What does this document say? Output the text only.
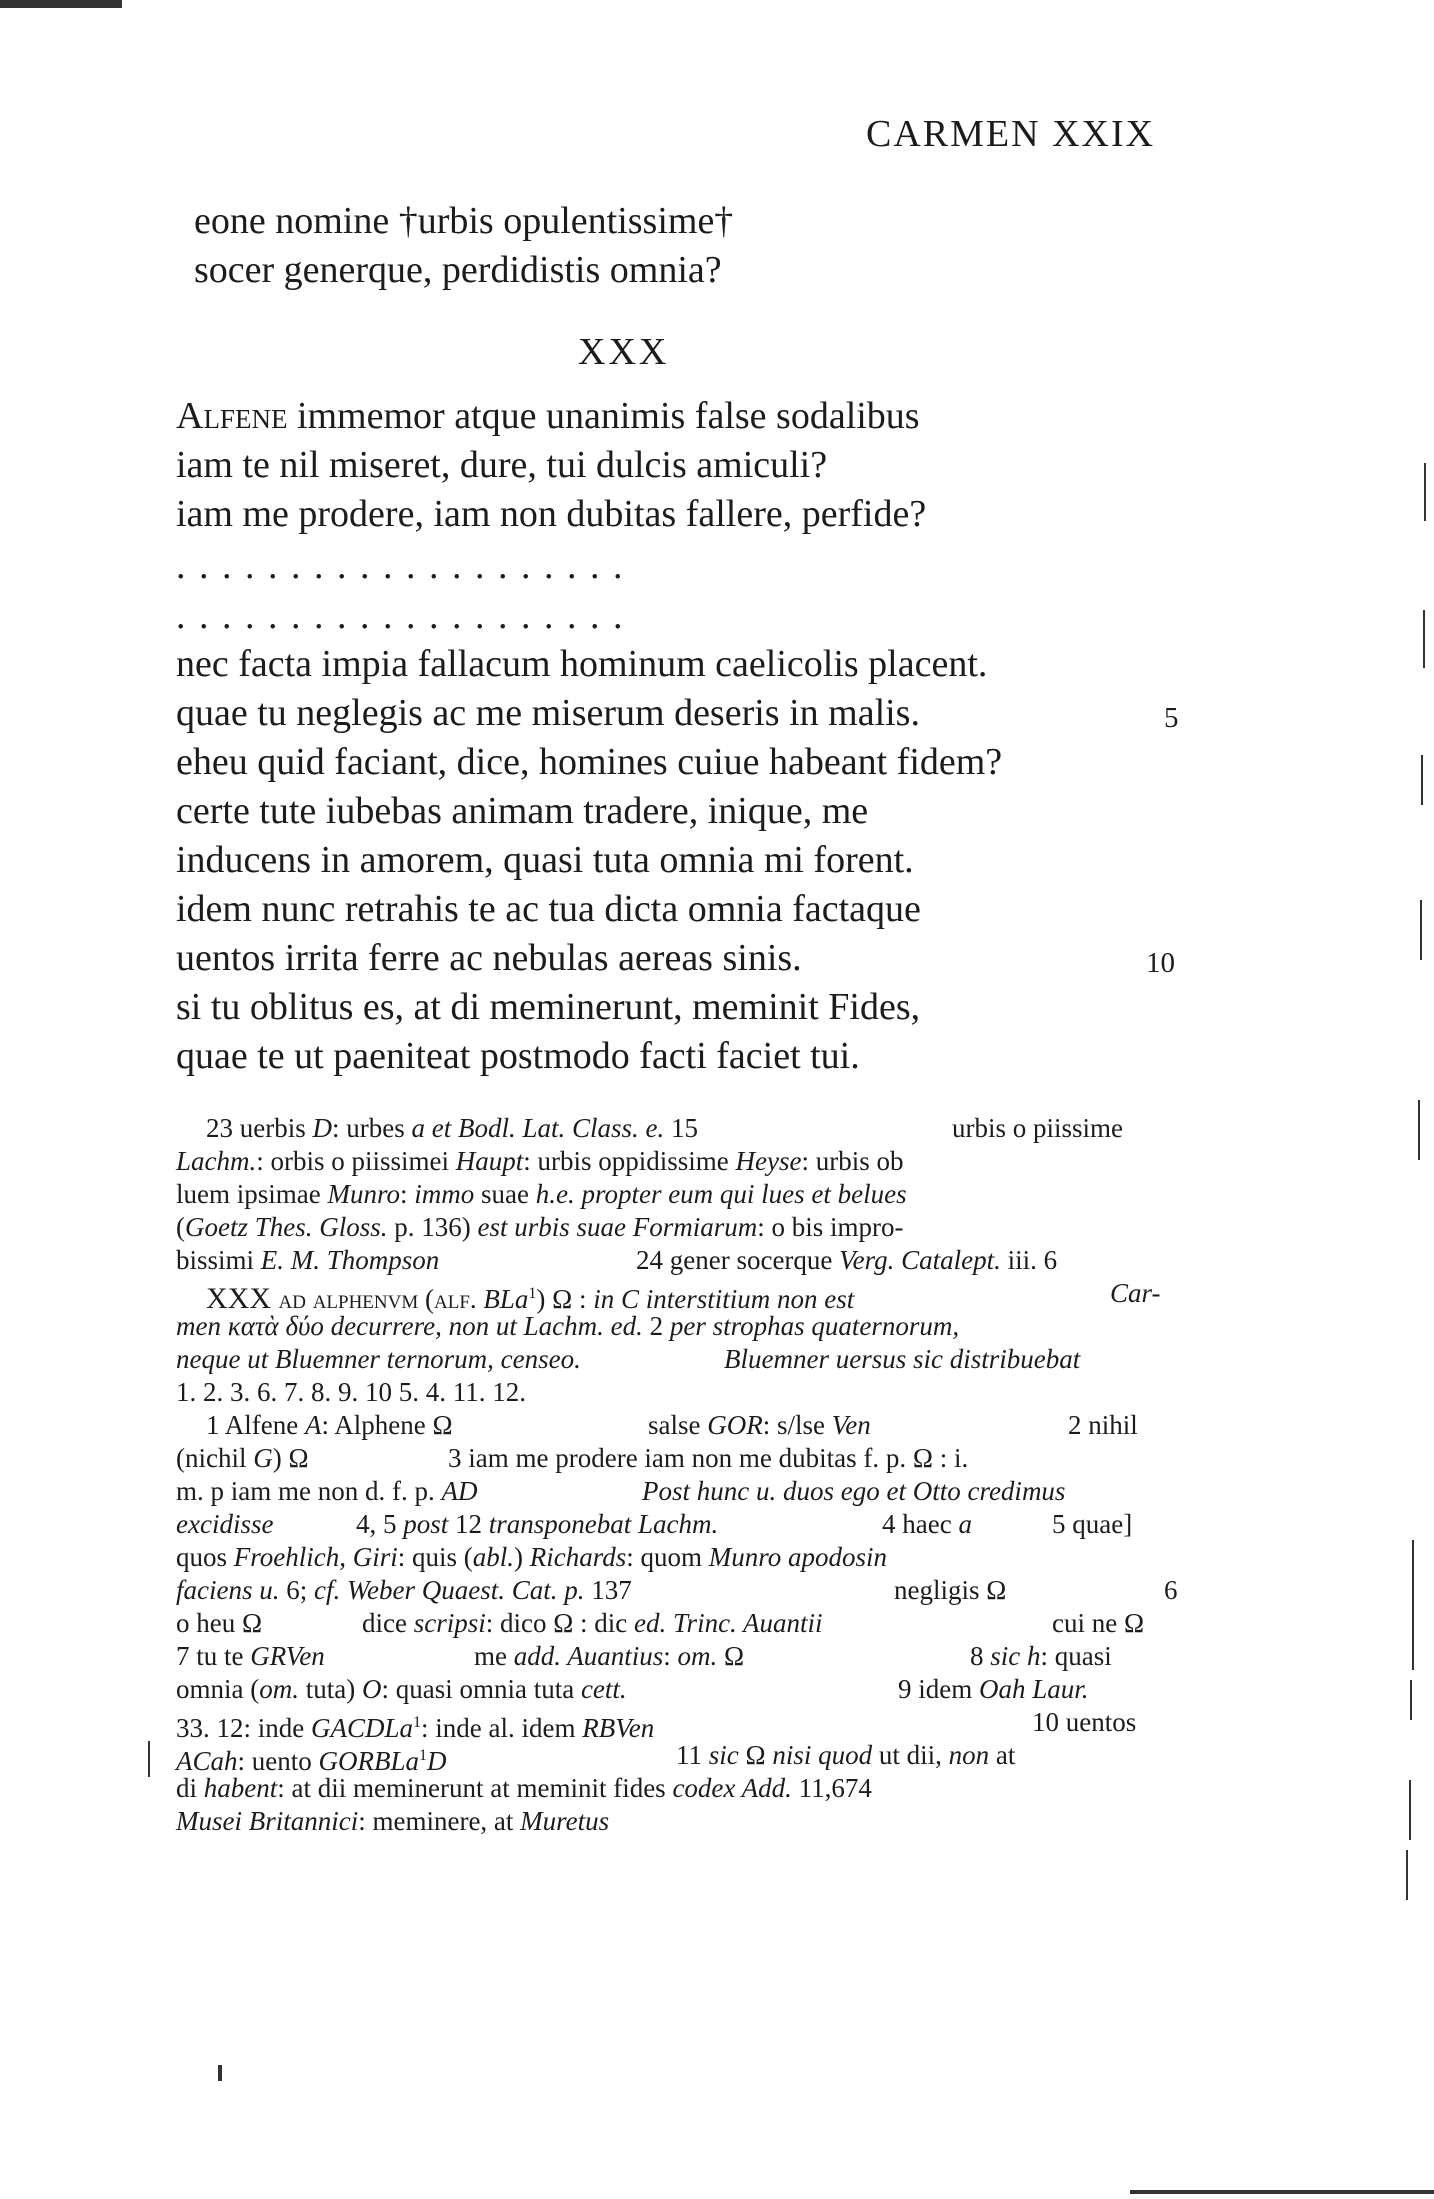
CARMEN XXIX
eone nomine †urbis opulentissime†
socer generque, perdidistis omnia?
XXX
Alfene immemor atque unanimis false sodalibus
iam te nil miseret, dure, tui dulcis amiculi?
iam me prodere, iam non dubitas fallere, perfide?
. . . . . . . . . . . . . . . . . . . .
. . . . . . . . . . . . . . . . . . . .
nec facta impia fallacum hominum caelicolis placent.
quae tu neglegis ac me miserum deseris in malis.	5
eheu quid faciant, dice, homines cuiue habeant fidem?
certe tute iubebas animam tradere, inique, me
inducens in amorem, quasi tuta omnia mi forent.
idem nunc retrahis te ac tua dicta omnia factaque
uentos irrita ferre ac nebulas aereas sinis.	10
si tu oblitus es, at di meminerunt, meminit Fides,
quae te ut paeniteat postmodo facti faciet tui.
23 uerbis D: urbes a et Bodl. Lat. Class. e. 15	urbis o piissime
Lachm.: orbis o piissimei Haupt: urbis oppidissime Heyse: urbis ob
luem ipsimae Munro: immo suae h.e. propter eum qui lues et belues
(Goetz Thes. Gloss. p. 136) est urbis suae Formiarum: o bis impro-
bissimi E. M. Thompson	24 gener socerque Verg. Catalept. iii. 6
XXX ad alphenvm (alf. BLa$^1$) Ω : in C interstitium non est	Car-
men κατὰ δύο decurrere, non ut Lachm. ed. 2 per strophas quaternorum,
neque ut Bluemner ternorum, censeo.	Bluemner uersus sic distribuebat
1. 2. 3. 6. 7. 8. 9. 10 5. 4. 11. 12.
1 Alfene A: Alphene Ω	salse GOR: s/lse Ven	2 nihil
(nichil G) Ω	3 iam me prodere iam non me dubitas f. p. Ω : i.
m. p iam me non d. f. p. AD	Post hunc u. duos ego et Otto credimus
excidisse	4, 5 post 12 transponebat Lachm.	4 haec a	5 quae]
quos Froehlich, Giri: quis (abl.) Richards: quom Munro apodosin
faciens u. 6; cf. Weber Quaest. Cat. p. 137	negligis Ω	6
o heu Ω	dice scripsi: dico Ω : dic ed. Trinc. Auantii	cui ne Ω
7 tu te GRVen	me add. Auantius: om. Ω	8 sic h: quasi
omnia (om. tuta) O: quasi omnia tuta cett.	9 idem Oah Laur.
33. 12: inde GACDLa$^1$: inde al. idem RBVen	10 uentos
ACah: uento GORBLa$^1$D	11 sic Ω nisi quod ut dii, non at
di habent: at dii meminerunt at meminit fides codex Add. 11,674
Musei Britannici: meminere, at Muretus
